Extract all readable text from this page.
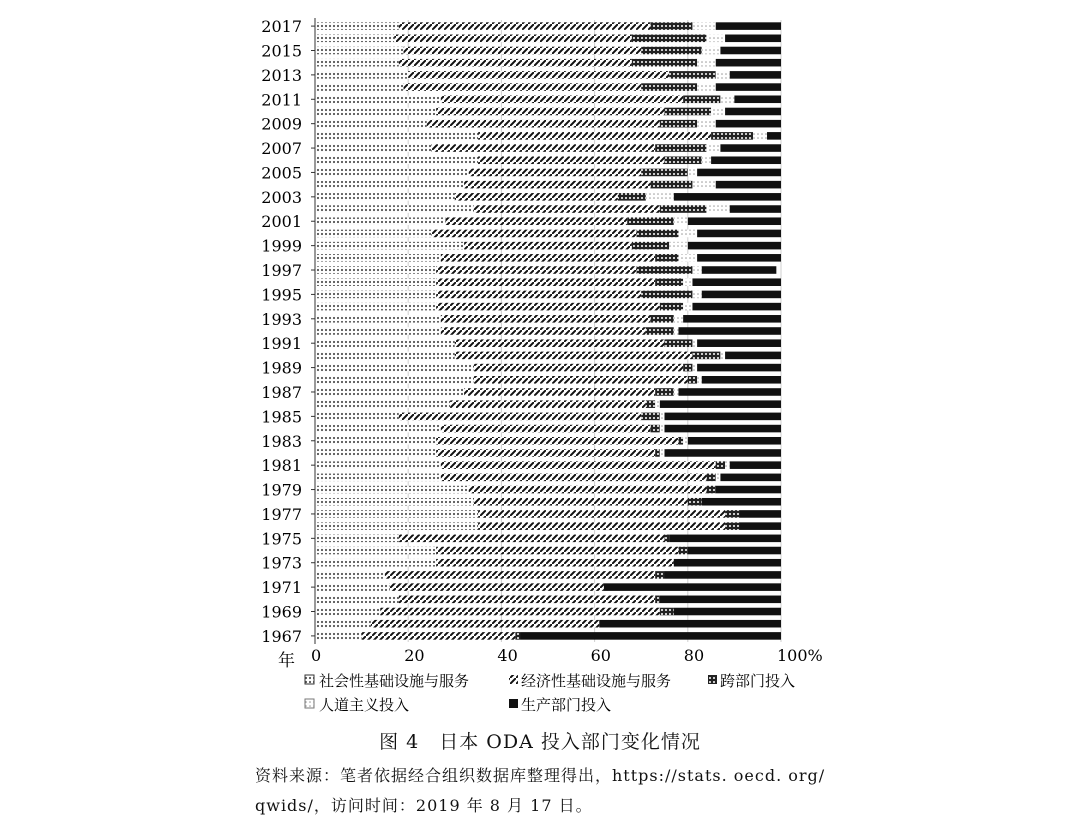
2017
2015
2013
2011
2009
2007
2005
2003
2001
1999
1997
1995
1993
1991
1989
1987
1985
1983
1981
1979
1977
1975
1973
1971
1969
1967
0	20	40	60	80	100%
年
社会性基础设施与服务	经济性基础设施与服务	跨部门投入
人道主义投入	生产部门投入
图 4　日本 ODA 投入部门变化情况
资料来源：笔者依据经合组织数据库整理得出，https://stats. oecd. org/
qwids/，访问时间：2019 年 8 月 17 日。
